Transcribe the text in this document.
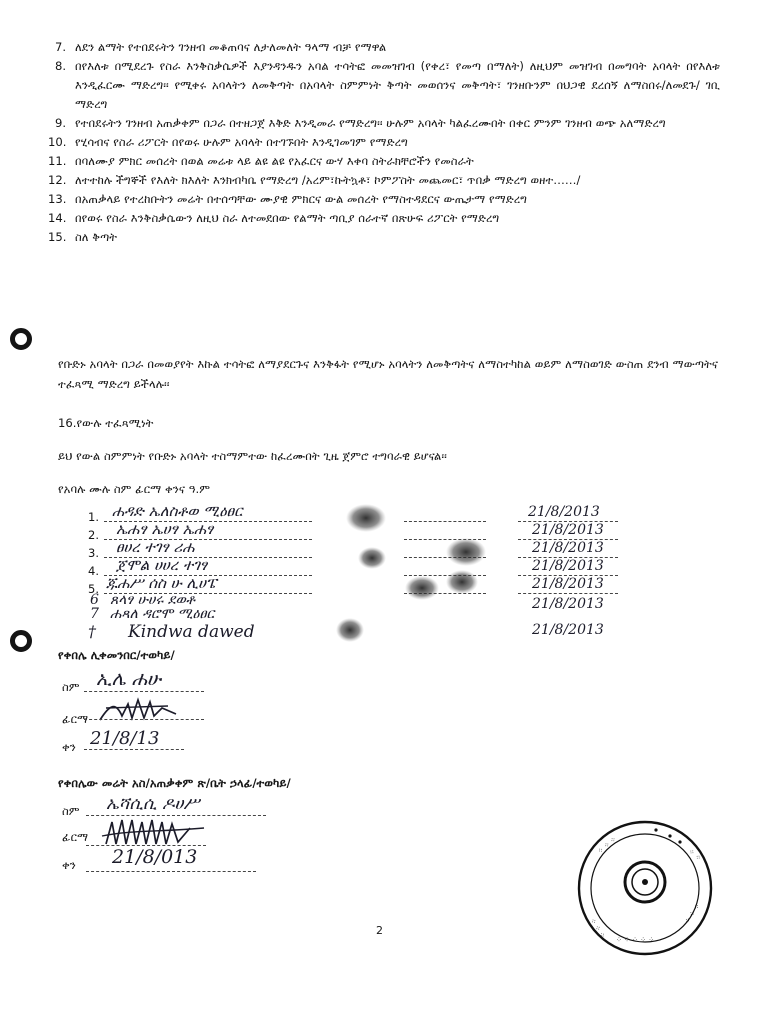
7. ለደን ልማት የተበደሩትን ገንዘብ መቆጠባና ለታለመለት ዓላማ ብቻ የማዋል
8. በየእለቱ በሚደረጉ የስራ እንቅስቃሴዎች እያንዳንዱን አባል ተሳትፎ መመዝገብ (የቀረ፣ የመጣ በማለት) ለዚህም መዝገብ በመግባት አባላት በየእለቱ እንዲፈርሙ ማድረግ፡፡ የሚቀሩ አባላትን ለመቅጣት በአባላት ስምምነት ቅጣት መወሰንና መቅጣት፣ ገንዘቡንም በህጋዊ ደረሰኝ ለማስበሩ/ለመደጉ/ ገቢ ማድረግ
9. የተበደሩትን ገንዘብ አጠቃቀም በጋራ በተዘጋጀ እቅድ እንዲመራ የማድረግ፡፡ ሁሉም አባላት ካልፈረሙበት በቀር ምንም ገንዘብ ወጭ አለማድረግ
10. የሂሳብና የስራ ሪፖርት በየወሩ ሁሉም አባላት በተገኙበት እንዲገመገም የማድረግ
11. በባለሙያ ምክር መሰረት በወል መሬቱ ላይ ልዩ ልዩ የአፈርና ውሃ እቀባ ስትራክቸሮችን የመስራት
12. ለተተከሉ ችግኞች የእለት ክእለት እንክብካቤ የማድረግ /አረም፣ኩትኳቶ፣ ኮምፖስት መጨመር፣ ጥበቃ ማድረግ ወዘተ……/
13. በአጠቃላይ የተረከቡትን መሬት በተሰጣቸው ሙያዊ ምክርና ውል መሰረት የማስተዳደርና ውጤታማ የማድረግ
14. በየወሩ የስራ እንቅስቃሴውን ለዚህ ስራ ለተመደበው የልማት ጣቢያ ሰራተኛ በጽሁፍ ሪፖርት የማድረግ
15. ስለ ቅጣት
የቡድኑ አባላት በጋራ በመወያየት እኩል ተሳትፎ ለማያደርጉና እንቅፋት የሚሆኑ አባላትን ለመቅጣትና ለማስተካከል ወይም ለማስወገድ ውስጠ ደንብ ማውጣትና ተፈጻሚ ማድረግ ይችላሉ፡፡
16.የውሉ ተፈጻሚነት
ይህ የውል ስምምነት የቡድኑ አባላት ተስማምተው ከፈረሙበት ጊዜ ጀምሮ ተግባራዊ ይሆናል፡፡
የአባሉ ሙሉ ስም ፊርማ ቀንና ዓ.ም
1. ሐዳድ ኤለስቶወ ሚዕፀር	21/8/2013
2. ኤሐፃ ኤሀፃ ኤሐፃ	21/8/2013
3. ፀሀረ ተገፃ ሪሐ	21/8/2013
4. ጀሞል ሀሀረ ተገፃ	21/8/2013
5. ጁሐሥ ሰስ ሁ ሊሀፔ	21/8/2013
6 ጸላፃ ሁሀሩ ደወቶ	21/8/2013
7 ሐጻለ ዳሮሞ ሚዕፀር
† Kindwa dawed	21/8/2013
የቀበሌ ሊቀመንበር/ተወካይ/
ስም ኢሌ ሐሁ
ፊርማ
ቀን 21/8/13
የቀበሌው መሬት አስ/አጠቃቀም ጽ/ቤት ኃላፊ/ተወካይ/
ስም ኤሻሲሲ ዶሀሥ
ፊርማ
ቀን 21/8/013
⁘ ⁘ ⁘	⁘ ⁘
⁘ ⁘ ⁘
⁘ ⁘ ⁘ ⁘ ⁘
⁘ ⁘ ⁘
2
